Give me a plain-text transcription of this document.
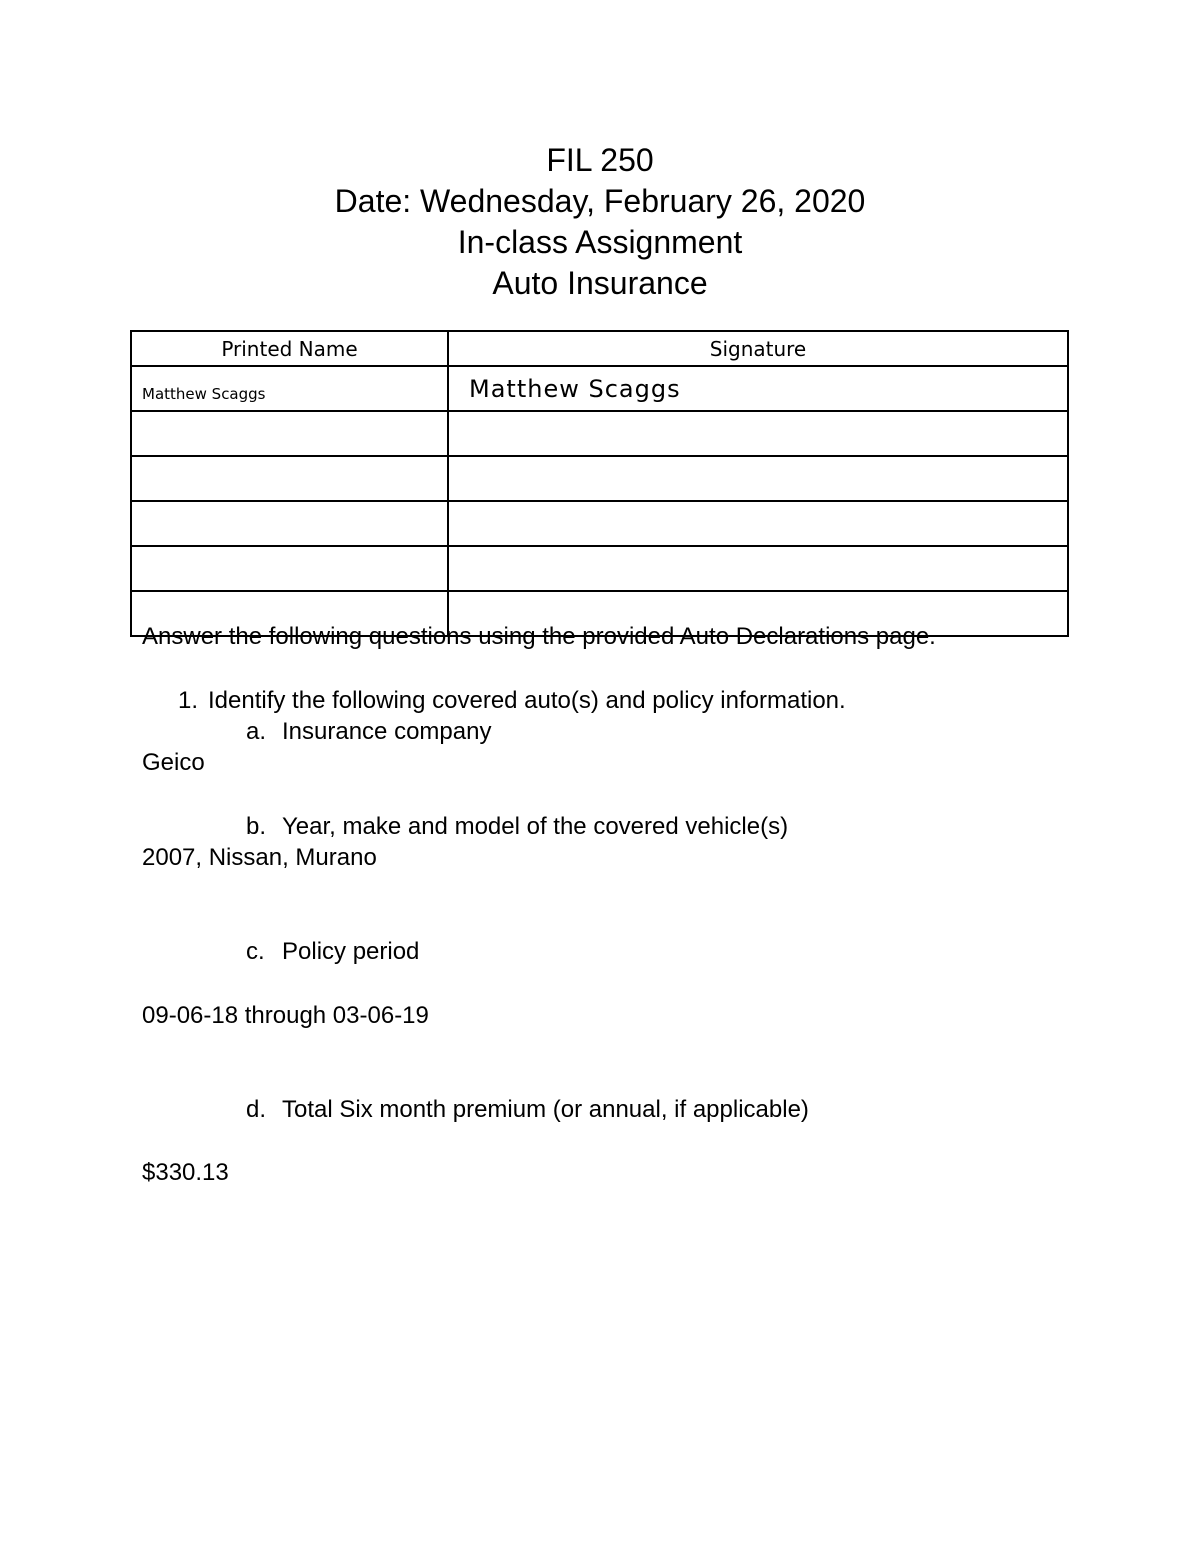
FIL 250
Date: Wednesday, February 26, 2020
In-class Assignment
Auto Insurance
Printed Name	Signature
Matthew Scaggs	Matthew Scaggs

Answer the following questions using the provided Auto Declarations page.
1. Identify the following covered auto(s) and policy information.
a. Insurance company
Geico
b. Year, make and model of the covered vehicle(s)
2007, Nissan, Murano
c. Policy period
09-06-18 through 03-06-19
d. Total Six month premium (or annual, if applicable)
$330.13
